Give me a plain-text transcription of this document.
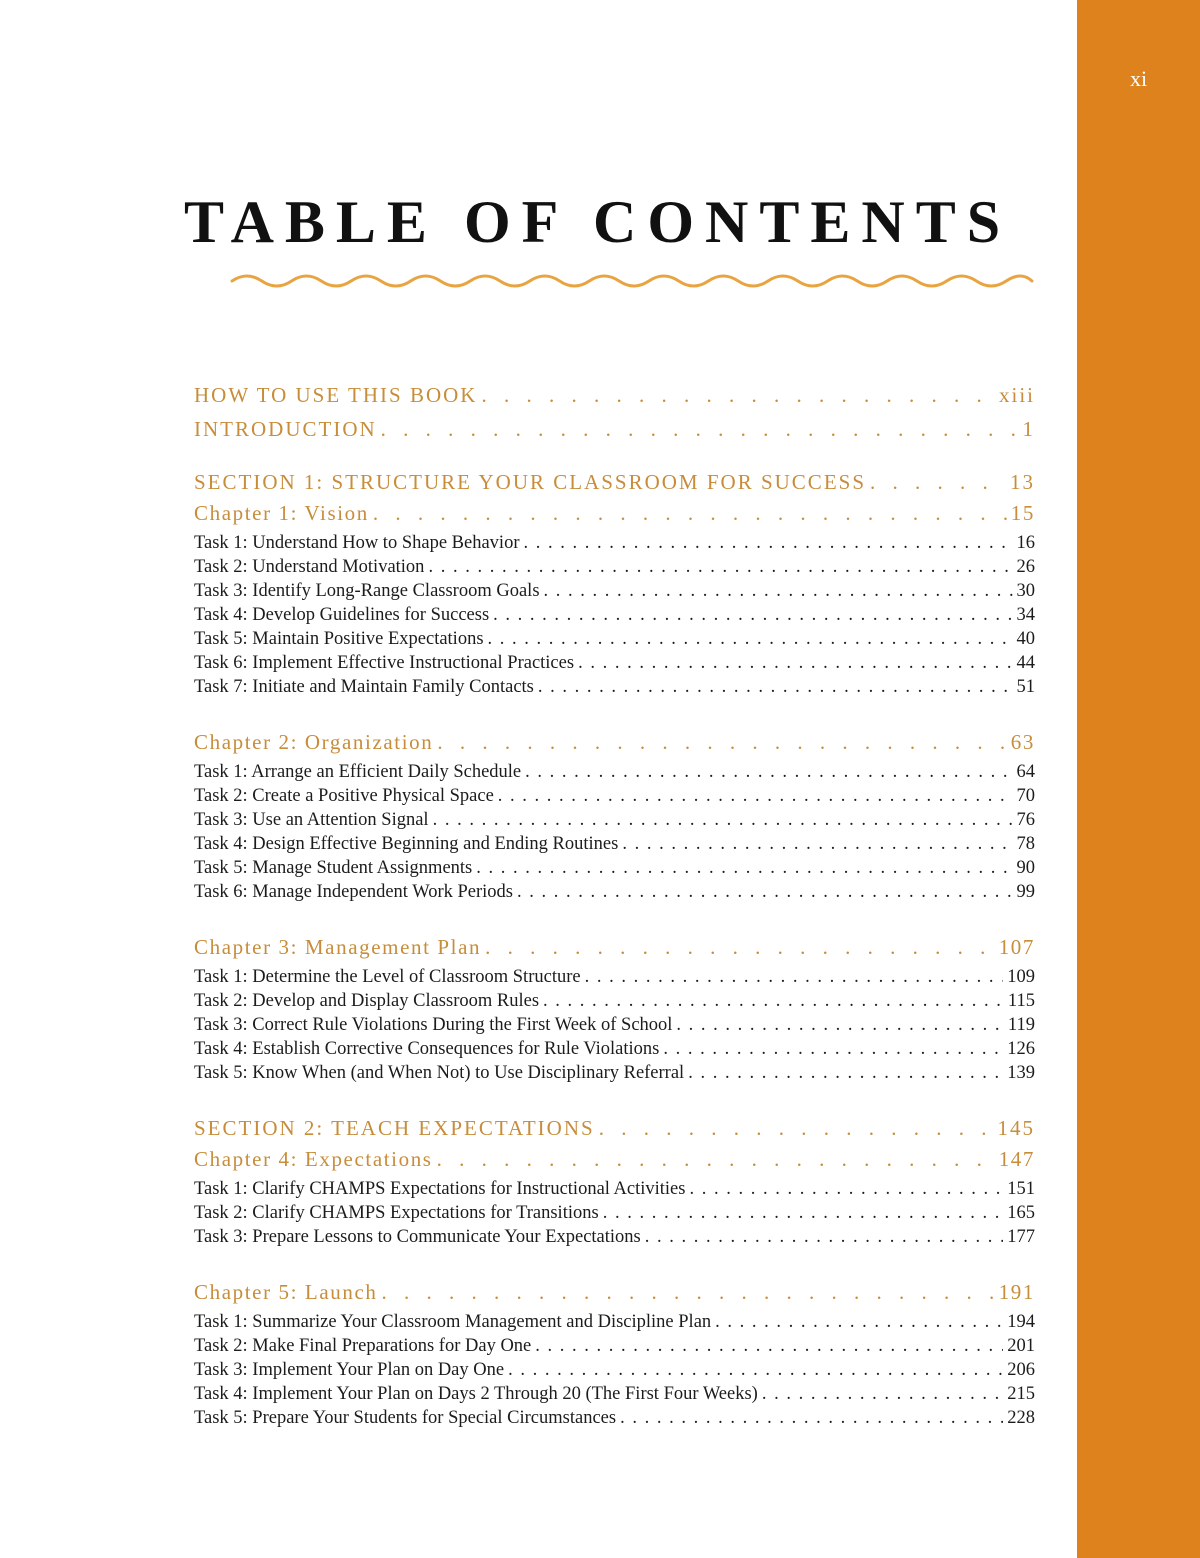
xi
TABLE OF CONTENTS
HOW TO USE THIS BOOK . . .	xiii
INTRODUCTION . . .	1
SECTION 1: STRUCTURE YOUR CLASSROOM FOR SUCCESS . . .	13
Chapter 1: Vision . . .	15
Task 1: Understand How to Shape Behavior . . .	16
Task 2: Understand Motivation . . .	26
Task 3: Identify Long-Range Classroom Goals . . .	30
Task 4: Develop Guidelines for Success . . .	34
Task 5: Maintain Positive Expectations . . .	40
Task 6: Implement Effective Instructional Practices . . .	44
Task 7: Initiate and Maintain Family Contacts . . .	51
Chapter 2: Organization . . .	63
Task 1: Arrange an Efficient Daily Schedule . . .	64
Task 2: Create a Positive Physical Space . . .	70
Task 3: Use an Attention Signal . . .	76
Task 4: Design Effective Beginning and Ending Routines . . .	78
Task 5: Manage Student Assignments . . .	90
Task 6: Manage Independent Work Periods . . .	99
Chapter 3: Management Plan . . .	107
Task 1: Determine the Level of Classroom Structure . . .	109
Task 2: Develop and Display Classroom Rules . . .	115
Task 3: Correct Rule Violations During the First Week of School . . .	119
Task 4: Establish Corrective Consequences for Rule Violations . . .	126
Task 5: Know When (and When Not) to Use Disciplinary Referral . . .	139
SECTION 2: TEACH EXPECTATIONS . . .	145
Chapter 4: Expectations . . .	147
Task 1: Clarify CHAMPS Expectations for Instructional Activities . . .	151
Task 2: Clarify CHAMPS Expectations for Transitions . . .	165
Task 3: Prepare Lessons to Communicate Your Expectations . . .	177
Chapter 5: Launch . . .	191
Task 1: Summarize Your Classroom Management and Discipline Plan . . .	194
Task 2: Make Final Preparations for Day One . . .	201
Task 3: Implement Your Plan on Day One . . .	206
Task 4: Implement Your Plan on Days 2 Through 20 (The First Four Weeks) . . .	215
Task 5: Prepare Your Students for Special Circumstances . . .	228
